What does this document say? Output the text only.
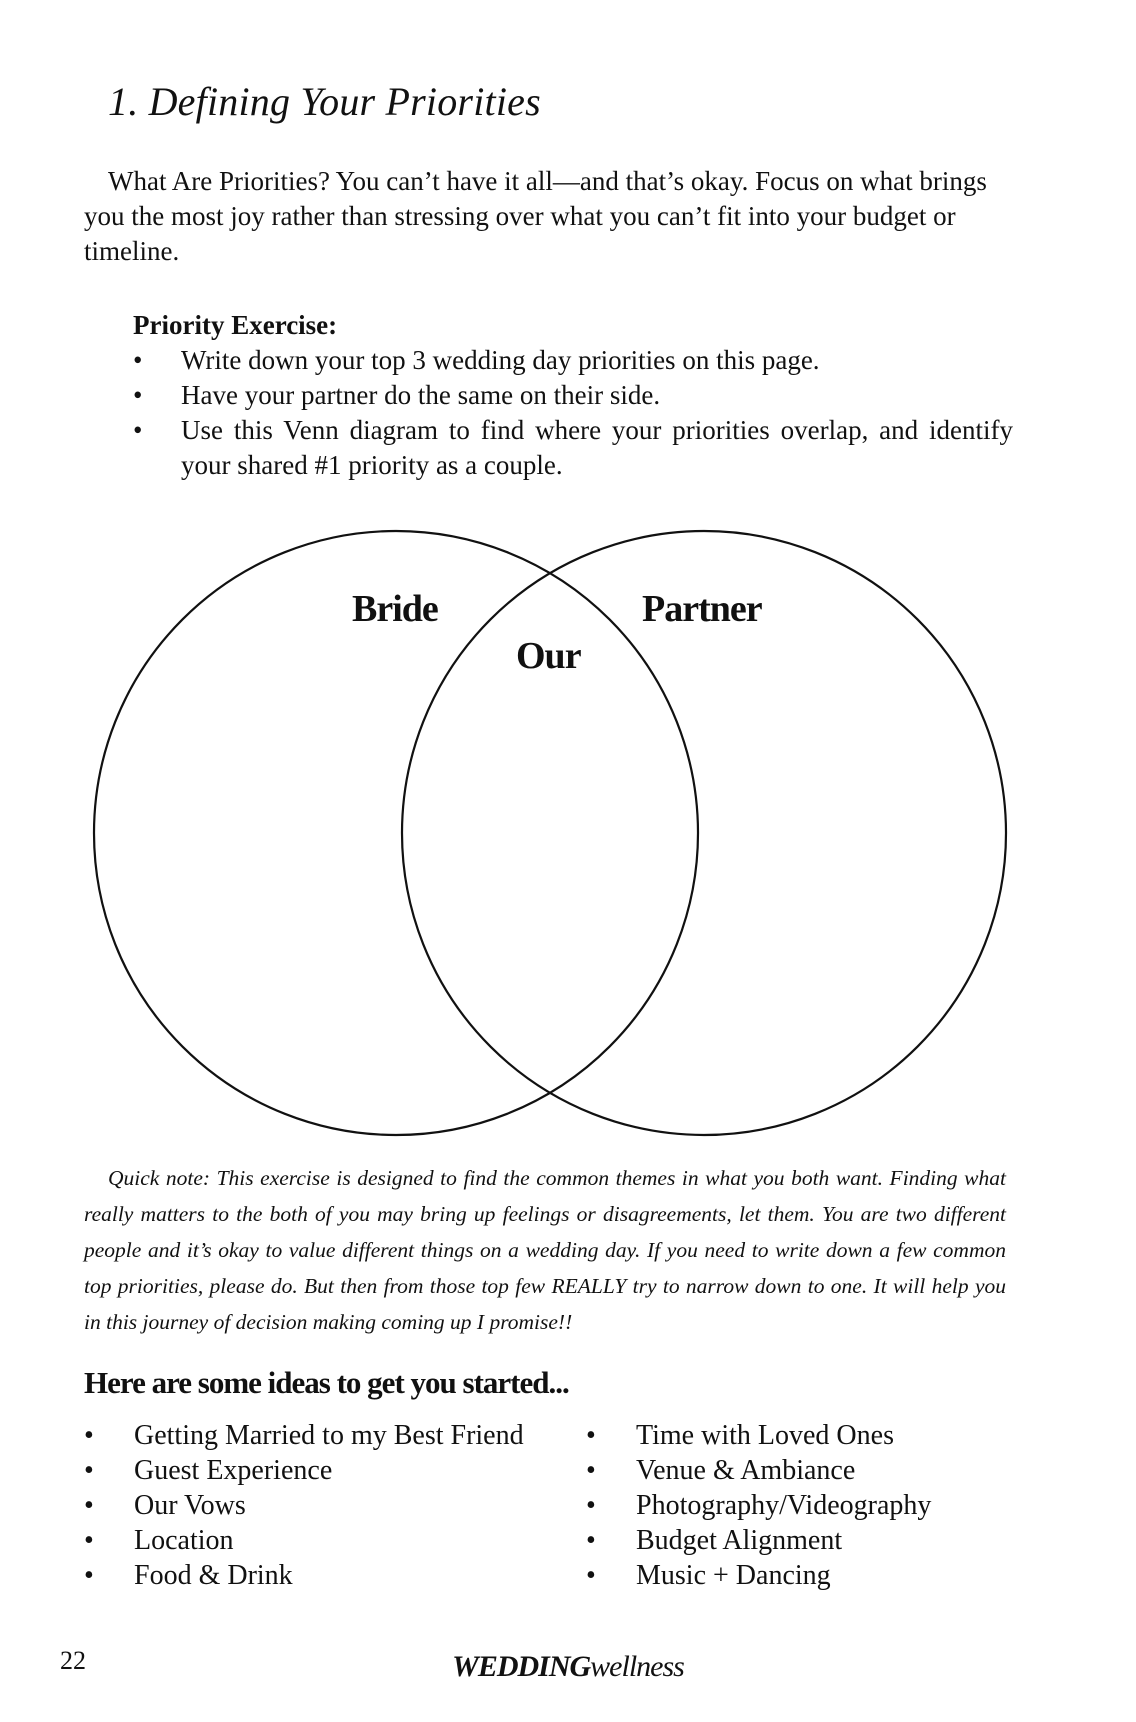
1. Defining Your Priorities

What Are Priorities? You can’t have it all—and that’s okay. Focus on what brings you the most joy rather than stressing over what you can’t fit into your budget or timeline.

Priority Exercise:

• Write down your top 3 wedding day priorities on this page.
• Have your partner do the same on their side.
• Use this Venn diagram to find where your priorities overlap, and identify your shared #1 priority as a couple.
Bride
Our
Partner

Quick note: This exercise is designed to find the common themes in what you both want. Finding what really matters to the both of you may bring up feelings or disagreements, let them. You are two different people and it’s okay to value different things on a wedding day. If you need to write down a few common top priorities, please do. But then from those top few REALLY try to narrow down to one. It will help you in this journey of decision making coming up I promise!!

Here are some ideas to get you started...
• Getting Married to my Best Friend
• Guest Experience
• Our Vows
• Location
• Food & Drink
• Time with Loved Ones
• Venue & Ambiance
• Photography/Videography
• Budget Alignment
• Music + Dancing
22	WEDDINGwellness
